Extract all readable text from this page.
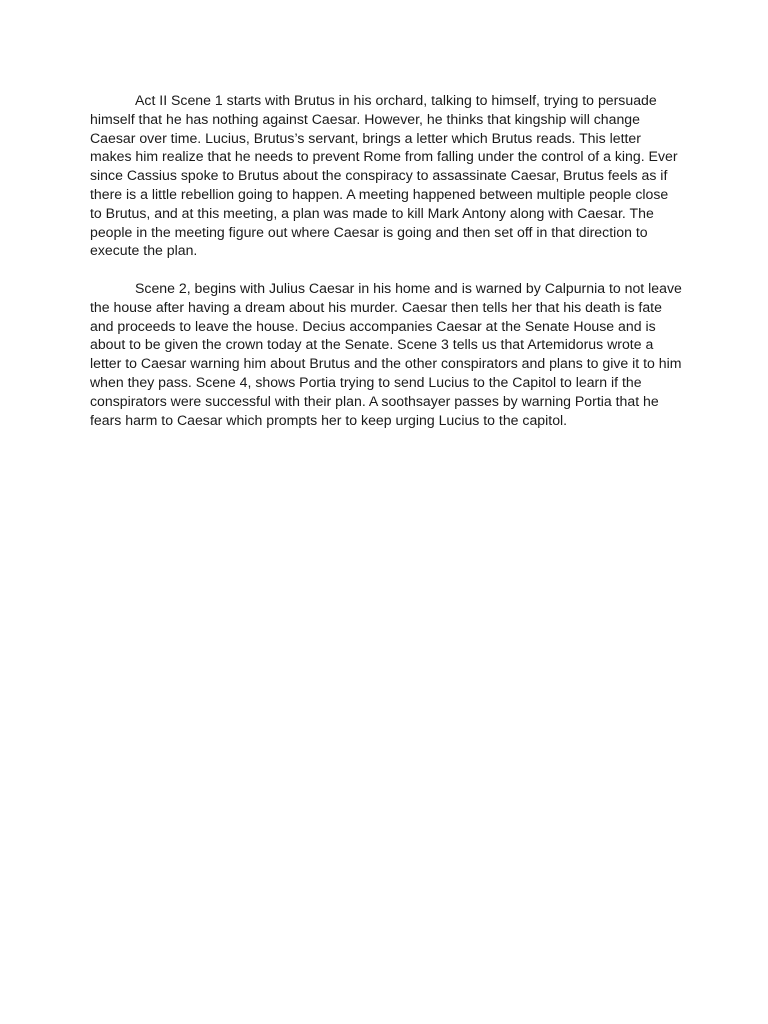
Act II Scene 1 starts with Brutus in his orchard, talking to himself, trying to persuade himself that he has nothing against Caesar. However, he thinks that kingship will change Caesar over time. Lucius, Brutus’s servant, brings a letter which Brutus reads. This letter makes him realize that he needs to prevent Rome from falling under the control of a king. Ever since Cassius spoke to Brutus about the conspiracy to assassinate Caesar, Brutus feels as if there is a little rebellion going to happen. A meeting happened between multiple people close to Brutus, and at this meeting, a plan was made to kill Mark Antony along with Caesar. The people in the meeting figure out where Caesar is going and then set off in that direction to execute the plan.

Scene 2, begins with Julius Caesar in his home and is warned by Calpurnia to not leave the house after having a dream about his murder. Caesar then tells her that his death is fate and proceeds to leave the house. Decius accompanies Caesar at the Senate House and is about to be given the crown today at the Senate. Scene 3 tells us that Artemidorus wrote a letter to Caesar warning him about Brutus and the other conspirators and plans to give it to him when they pass. Scene 4, shows Portia trying to send Lucius to the Capitol to learn if the conspirators were successful with their plan. A soothsayer passes by warning Portia that he fears harm to Caesar which prompts her to keep urging Lucius to the capitol.
